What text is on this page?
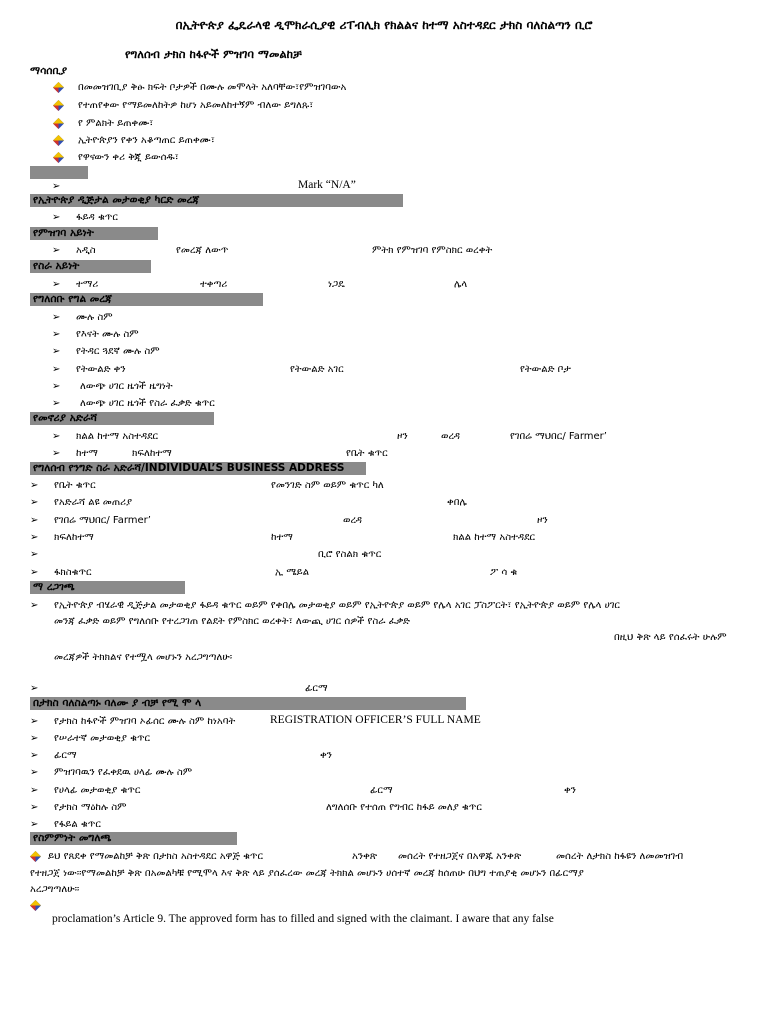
በኢትዮጵያ ፌዴራላዊ ዲሞክራሲያዊ ሪፐብሊክ የክልልና ከተማ አስተዳደር ታክስ ባለስልጣን ቢሮ
የግለሰብ ታክስ ከፋዮች ምዝገባ ማመልከቻ
ማሳሰቢያ
በመመዝገቢያ ቅፁ ክፍት ቦታዎች በሙሉ መሞላት አለባቸው፣የምዝገባውአ
የተጠየቀው የማይመለከትዎ ከሆነ አይመለከተኝም ብለው ይግለጹ፣
የ ምልክት ይጠቀሙ፣
ኢትዮጵያን የቀን አቆጣጠር ይጠቀሙ፣
የዋናውን ቀሪ ቅጂ ይውሰዱ፣
➢	Mark “N/A”
የኢትዮጵያ ዲጅታል መታወቂያ ካርድ መረጃ
➢ ፋይዳ ቁጥር
የምዝገባ አይነት
➢ አዲስ	የመረጃ ለውጥ	ምትክ የምዝገባ የምስክር ወረቀት
የስራ አይነት
➢ ተማሪ	ተቀጣሪ	ነጋዴ	ሌላ
የግለሰቡ የግል መረጃ
➢ ሙሉ ስም
➢ የእናት ሙሉ ስም
➢ የትዳር ጓደኛ ሙሉ ስም
➢ የትውልድ ቀን	የትውልድ አገር	የትውልድ ቦታ
➢ ለውጭ ሀገር ዜጎች ዜግነት
➢ ለውጭ ሀገር ዜጎች የስራ ፈቃድ ቁጥር
የመኖሪያ አድራሻ
➢ ክልል ከተማ አስተዳደር	ዞን	ወረዳ	የገበሬ ማህበር/ Farmer’
➢ ከተማ	ክፍለከተማ	የቤት ቁጥር
የግለሰብ የንግድ ስራ አድራሻ/INDIVIDUAL’S BUSINESS ADDRESS
➢ የቤት ቁጥር	የመንገድ ስም ወይም ቁጥር ካለ
➢ የአድራሻ ልዩ መጠሪያ	ቀበሌ
➢ የገበሬ ማህበር/ Farmer’	ወረዳ	ዞን
➢ ክፍለከተማ	ከተማ	ክልል ከተማ አስተዳደር
➢	ቢሮ የስልክ ቁጥር
➢ ፋክስቁጥር	ኢ ሜይል	ፖ ሳ ቁ
ማ ረጋገጫ
➢ የኢትዮጵያ ብሄራዊ ዲጅታል መታወቂያ ፋይዳ ቁጥር ወይም የቀበሌ መታወቂያ ወይም የኢትዮጵያ ወይም የሌላ አገር ፓስፖርት፣ የኢትዮጵያ ወይም የሌላ ሀገር
መንጃ ፈቃድ ወይም የግለሰቡ የተረጋገጠ የልደት የምስክር ወረቀት፣ ለውጪ ሀገር ሰዎች የስራ ፈቃድ
በዚህ ቅጽ ላይ የሰፈሩት ሁሉም
መረጃዎች ትክክልና የተሟላ መሆኑን አረጋግጣለሁ፡
➢	ፊርማ
በታክስ ባለስልጣኑ ባለሙ ያ ብቻ የሚ ሞ ላ
➢ የታክስ ከፋዮች ምዝገባ ኦፊሰር ሙሉ ስም ከነአባት	REGISTRATION OFFICER’S FULL NAME
➢ የሠራተኛ መታወቂያ ቁጥር
➢ ፊርማ	ቀን
➢ ምዝገባዉን የፈቀደዉ ሀላፊ ሙሉ ስም
➢ የሀላፊ መታወቂያ ቁጥር	ፊርማ	ቀን
➢ የታክስ ማዕከሉ ስም	ለግለሰቡ የተሰጠ የግብር ከፋይ መለያ ቁጥር
➢ የፋይል ቁጥር
የስምምነት መግለጫ
ይህ የጸደቀ የማመልከቻ ቅጽ በታክስ አስተዳደር አዋጅ ቁጥር	አንቀጽ መሰረት የተዘጋጀና በአዋጁ አንቀጽ	መሰረት ለታክስ ከፋዩን ለመመዝገብ
የተዘጋጀ ነው፡፡የማመልከቻ ቅጽ በአመልካቹ የሚሞላ እና ቅጽ ላይ ያሰፈረው መረጃ ትክክል መሆኑን ሀሰተኛ መረጃ ከሰጠሁ በህግ ተጠያቂ መሆኑን በፊርማያ
አረጋግጣለሁ፡፡
proclamation’s Article 9. The approved form has to filled and signed with the claimant. I aware that any false
